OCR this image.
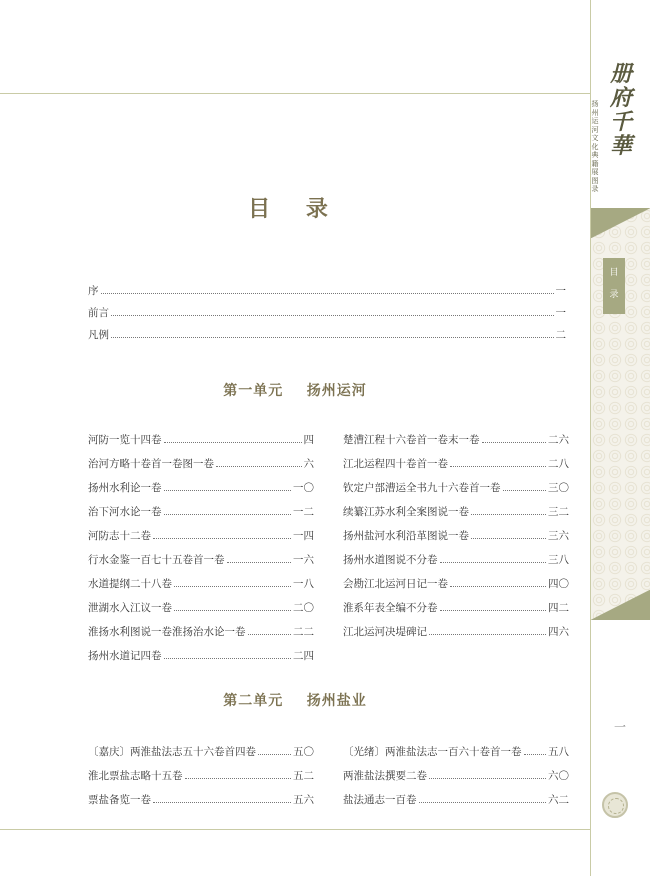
目 录
序	一
前言	一
凡例	二
第一单元    扬州运河
河防一览十四卷	四
治河方略十卷首一卷图一卷	六
扬州水利论一卷	一〇
治下河水论一卷	一二
河防志十二卷	一四
行水金鉴一百七十五卷首一卷	一六
水道提纲二十八卷	一八
泄湖水入江议一卷	二〇
淮扬水利图说一卷淮扬治水论一卷	二二
扬州水道记四卷	二四
楚漕江程十六卷首一卷末一卷	二六
江北运程四十卷首一卷	二八
钦定户部漕运全书九十六卷首一卷	三〇
续纂江苏水利全案图说一卷	三二
扬州盐河水利沿革图说一卷	三六
扬州水道图说不分卷	三八
会勘江北运河日记一卷	四〇
淮系年表全编不分卷	四二
江北运河决堤碑记	四六
第二单元    扬州盐业
〔嘉庆〕两淮盐法志五十六卷首四卷	五〇
淮北票盐志略十五卷	五二
票盐备览一卷	五六
〔光绪〕两淮盐法志一百六十卷首一卷	五八
两淮盐法撰要二卷	六〇
盐法通志一百卷	六二
册
府
千
華
扬
州
运
河
文
化
典
籍
展
图
录
目
录
一
